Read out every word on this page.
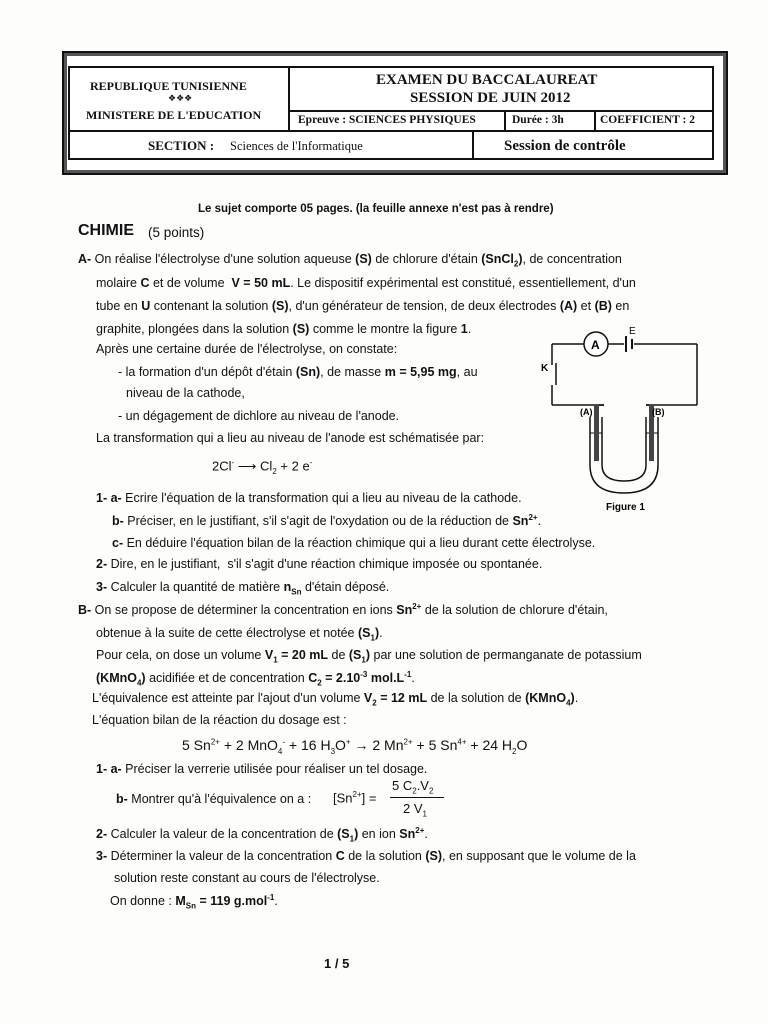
REPUBLIQUE TUNISIENNE
❖❖❖
MINISTERE DE L'EDUCATION
EXAMEN DU BACCALAUREAT
SESSION DE JUIN 2012
Epreuve : SCIENCES PHYSIQUES	Durée : 3h	COEFFICIENT : 2
SECTION : Sciences de l'Informatique	Session de contrôle
Le sujet comporte 05 pages. (la feuille annexe n'est pas à rendre)
CHIMIE (5 points)
A- On réalise l'électrolyse d'une solution aqueuse (S) de chlorure d'étain (SnCl$_2$), de concentration
molaire C et de volume  V = 50 mL. Le dispositif expérimental est constitué, essentiellement, d'un
tube en U contenant la solution (S), d'un générateur de tension, de deux électrodes (A) et (B) en
graphite, plongées dans la solution (S) comme le montre la figure 1.
Après une certaine durée de l'électrolyse, on constate:
- la formation d'un dépôt d'étain (Sn), de masse m = 5,95 mg, au
niveau de la cathode,
- un dégagement de dichlore au niveau de l'anode.
La transformation qui a lieu au niveau de l'anode est schématisée par:
2Cl- ⟶ $Cl_2 + 2$ e-
1- a- Ecrire l'équation de la transformation qui a lieu au niveau de la cathode.
b- Préciser, en le justifiant, s'il s'agit de l'oxydation ou de la réduction de $Sn^{2+}$.
c- En déduire l'équation bilan de la réaction chimique qui a lieu durant cette électrolyse.
2- Dire, en le justifiant,  s'il s'agit d'une réaction chimique imposée ou spontanée.
3- Calculer la quantité de matière $n_{Sn}$ d'étain déposé.
B- On se propose de déterminer la concentration en ions $Sn^{2+}$ de la solution de chlorure d'étain,
obtenue à la suite de cette électrolyse et notée $(S_1)$.
Pour cela, on dose un volume $V_1 = 20$ mL de $(S_1)$ par une solution de permanganate de potassium
(KMnO$_4$) acidifiée et de concentration $C_2 = 2.10^{-3}$ $mol.L^{-1}$.
L'équivalence est atteinte par l'ajout d'un volume $V_2 = 12$ mL de la solution de (KMnO$_4$).
L'équation bilan de la réaction du dosage est :
5 $Sn^{2+} + 2$ MnO$_4$- + 16 $H_3O^+ \to 2$ $Mn^{2+} + 5$ $Sn^{4+} + 24$ $H_2O$
1- a- Préciser la verrerie utilisée pour réaliser un tel dosage.
b- Montrer qu'à l'équivalence on a : $[Sn^{2+}]$ =
5 $C_2.V_2$
2 $V_1$
2- Calculer la valeur de la concentration de $(S_1)$ en ion $Sn^{2+}$.
3- Déterminer la valeur de la concentration C de la solution (S), en supposant que le volume de la
solution reste constant au cours de l'électrolyse.
On donne : $M_{Sn} = 119$ g.mol$^{-1}$.
A
E
K
(A)	(B)
Figure 1
1 / 5
